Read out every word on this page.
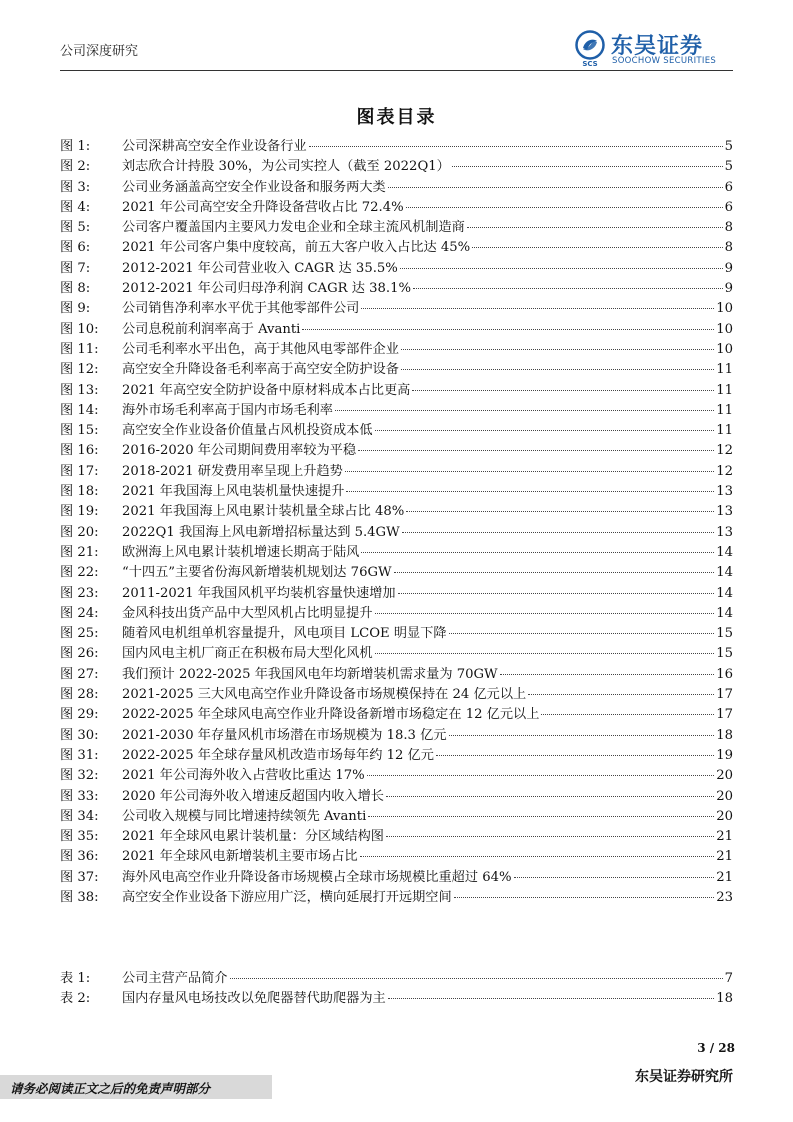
公司深度研究
SCS
东吴证券
SOOCHOW SECURITIES
图表目录
图 1:	公司深耕高空安全作业设备行业	5
图 2:	刘志欣合计持股 30%，为公司实控人（截至 2022Q1）	5
图 3:	公司业务涵盖高空安全作业设备和服务两大类	6
图 4:	2021 年公司高空安全升降设备营收占比 72.4%	6
图 5:	公司客户覆盖国内主要风力发电企业和全球主流风机制造商	8
图 6:	2021 年公司客户集中度较高，前五大客户收入占比达 45%	8
图 7:	2012-2021 年公司营业收入 CAGR 达 35.5%	9
图 8:	2012-2021 年公司归母净利润 CAGR 达 38.1%	9
图 9:	公司销售净利率水平优于其他零部件公司	10
图 10:	公司息税前利润率高于 Avanti	10
图 11:	公司毛利率水平出色，高于其他风电零部件企业	10
图 12:	高空安全升降设备毛利率高于高空安全防护设备	11
图 13:	2021 年高空安全防护设备中原材料成本占比更高	11
图 14:	海外市场毛利率高于国内市场毛利率	11
图 15:	高空安全作业设备价值量占风机投资成本低	11
图 16:	2016-2020 年公司期间费用率较为平稳	12
图 17:	2018-2021 研发费用率呈现上升趋势	12
图 18:	2021 年我国海上风电装机量快速提升	13
图 19:	2021 年我国海上风电累计装机量全球占比 48%	13
图 20:	2022Q1 我国海上风电新增招标量达到 5.4GW	13
图 21:	欧洲海上风电累计装机增速长期高于陆风	14
图 22:	“十四五”主要省份海风新增装机规划达 76GW	14
图 23:	2011-2021 年我国风机平均装机容量快速增加	14
图 24:	金风科技出货产品中大型风机占比明显提升	14
图 25:	随着风电机组单机容量提升，风电项目 LCOE 明显下降	15
图 26:	国内风电主机厂商正在积极布局大型化风机	15
图 27:	我们预计 2022-2025 年我国风电年均新增装机需求量为 70GW	16
图 28:	2021-2025 三大风电高空作业升降设备市场规模保持在 24 亿元以上	17
图 29:	2022-2025 年全球风电高空作业升降设备新增市场稳定在 12 亿元以上	17
图 30:	2021-2030 年存量风机市场潜在市场规模为 18.3 亿元	18
图 31:	2022-2025 年全球存量风机改造市场每年约 12 亿元	19
图 32:	2021 年公司海外收入占营收比重达 17%	20
图 33:	2020 年公司海外收入增速反超国内收入增长	20
图 34:	公司收入规模与同比增速持续领先 Avanti	20
图 35:	2021 年全球风电累计装机量：分区域结构图	21
图 36:	2021 年全球风电新增装机主要市场占比	21
图 37:	海外风电高空作业升降设备市场规模占全球市场规模比重超过 64%	21
图 38:	高空安全作业设备下游应用广泛，横向延展打开远期空间	23
表 1:	公司主营产品简介	7
表 2:	国内存量风电场技改以免爬器替代助爬器为主	18
3 / 28
请务必阅读正文之后的免责声明部分
东吴证券研究所
